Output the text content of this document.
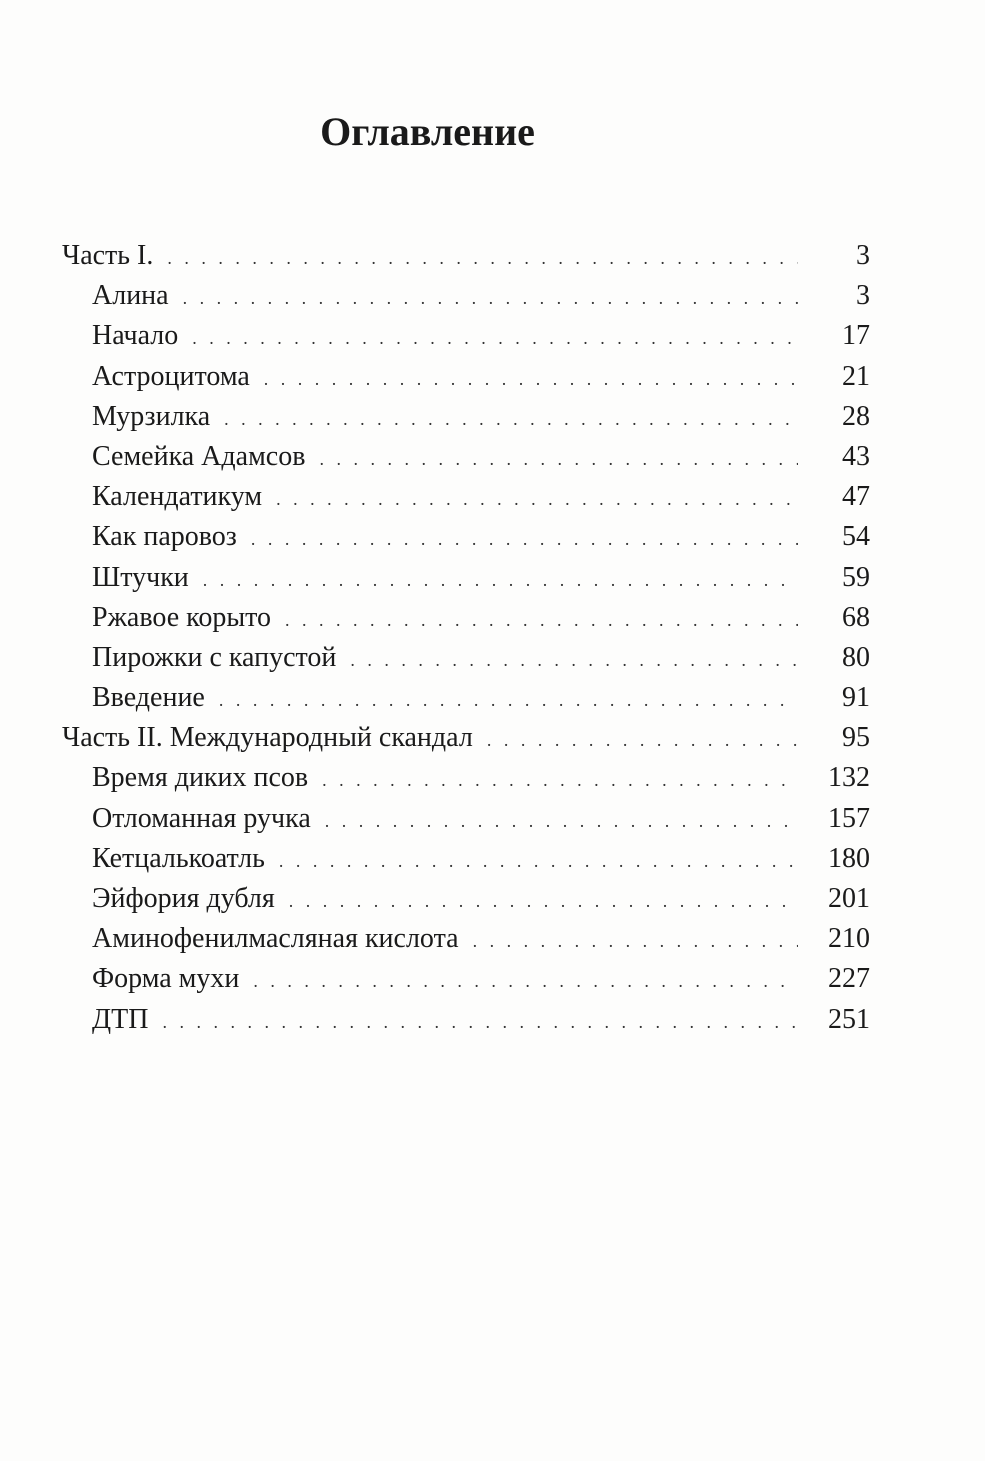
Оглавление
Часть I. . . .	3
Алина . . .	3
Начало . . .	17
Астроцитома . . .	21
Мурзилка . . .	28
Семейка Адамсов . . .	43
Календатикум . . .	47
Как паровоз . . .	54
Штучки . . .	59
Ржавое корыто . . .	68
Пирожки с капустой . . .	80
Введение . . .	91
Часть II. Международный скандал . . .	95
Время диких псов . . .	132
Отломанная ручка . . .	157
Кетцалькоатль . . .	180
Эйфория дубля . . .	201
Аминофенилмасляная кислота . . .	210
Форма мухи . . .	227
ДТП . . .	251
